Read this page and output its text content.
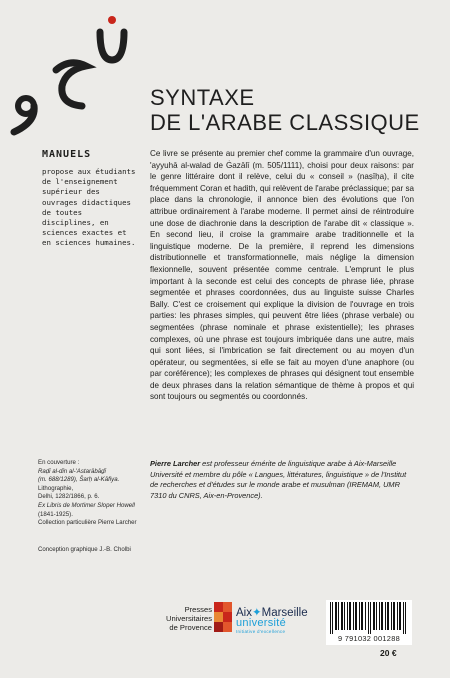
SYNTAXE
DE L'ARABE CLASSIQUE
MANUELS
propose aux étudiants de l'enseignement supérieur des ouvrages didactiques de toutes disciplines, en sciences exactes et en sciences humaines.

Ce livre se présente au premier chef comme la grammaire d'un ouvrage, 'ayyuhā al-walad de Ġazālī (m. 505/1111), choisi pour deux raisons: par le genre littéraire dont il relève, celui du « conseil » (naṣīḥa), il cite fréquemment Coran et hadith, qui relèvent de l'arabe préclassique; par sa place dans la chronologie, il annonce bien des évolutions que l'on attribue ordinairement à l'arabe moderne. Il permet ainsi de réintroduire une dose de diachronie dans la description de l'arabe dit « classique ». En second lieu, il croise la grammaire arabe traditionnelle et la linguistique moderne. De la première, il reprend les dimensions distributionnelle et transformationnelle, mais néglige la dimension flexionnelle, souvent présentée comme centrale. L'emprunt le plus important à la seconde est celui des concepts de phrase liée, phrase segmentée et phrases coordonnées, dus au linguiste suisse Charles Bally. C'est ce croisement qui explique la division de l'ouvrage en trois parties: les phrases simples, qui peuvent être liées (phrase verbale) ou segmentées (phrase nominale et phrase existentielle); les phrases complexes, où une phrase est toujours imbriquée dans une autre, mais qui sont liées, si l'imbrication se fait directement ou au moyen d'un opérateur, ou segmentées, si elle se fait au moyen d'une anaphore (ou par coréférence); les complexes de phrases qui désignent tout ensemble de deux phrases dans la relation sémantique de thème à propos et qui sont toujours ou segmentés ou coordonnés.

En couverture :
Raḍī al-dīn al-'Astarābāḏī
(m. 688/1289), Šarḥ al-Kāfiya.
Lithographie,
Delhi, 1282/1866, p. 6.
Ex Libris de Mortimer Sloper Howell
(1841-1925).
Collection particulière Pierre Larcher
Conception graphique J.-B. Cholbi
Pierre Larcher est professeur émérite de linguistique arabe à Aix-Marseille Université et membre du pôle « Langues, littératures, linguistique » de l'Institut de recherches et d'études sur le monde arabe et musulman (IREMAM, UMR 7310 du CNRS, Aix-en-Provence).
Presses
Universitaires
de Provence
Aix✦Marseille
université
Initiative d'excellence
9 791032 001288
20 €
